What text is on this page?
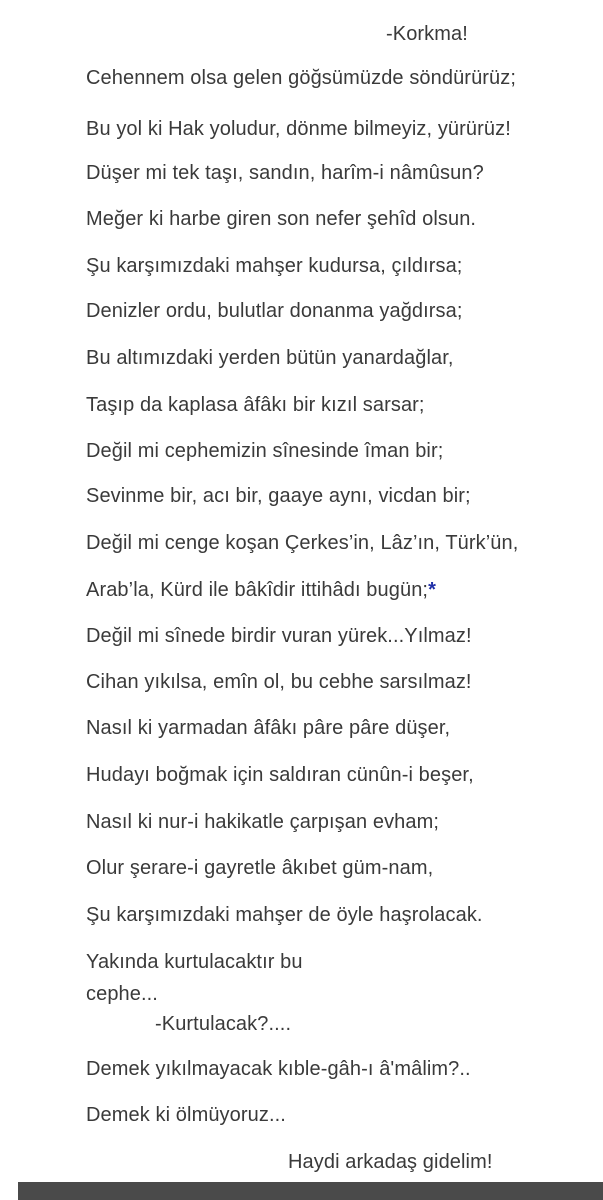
-Korkma!
Cehennem olsa gelen göğsümüzde söndürürüz;
Bu yol ki Hak yoludur, dönme bilmeyiz, yürürüz!
Düşer mi tek taşı, sandın, harîm-i nâmûsun?
Meğer ki harbe giren son nefer şehîd olsun.
Şu karşımızdaki mahşer kudursa, çıldırsa;
Denizler ordu, bulutlar donanma yağdırsa;
Bu altımızdaki yerden bütün yanardağlar,
Taşıp da kaplasa âfâkı bir kızıl sarsar;
Değil mi cephemizin sînesinde îman bir;
Sevinme bir, acı bir, gaaye aynı, vicdan bir;
Değil mi cenge koşan Çerkes’in, Lâz’ın, Türk’ün,
Arab’la, Kürd ile bâkîdir ittihâdı bugün;*
Değil mi sînede birdir vuran yürek...Yılmaz!
Cihan yıkılsa, emîn ol, bu cebhe sarsılmaz!
Nasıl ki yarmadan âfâkı pâre pâre düşer,
Hudayı boğmak için saldıran cünûn-i beşer,
Nasıl ki nur-i hakikatle çarpışan evham;
Olur şerare-i gayretle âkıbet güm-nam,
Şu karşımızdaki mahşer de öyle haşrolacak.
Yakında kurtulacaktır bu
cephe...
-Kurtulacak?....
Demek yıkılmayacak kıble-gâh-ı â'mâlim?..
Demek ki ölmüyoruz...
Haydi arkadaş gidelim!
